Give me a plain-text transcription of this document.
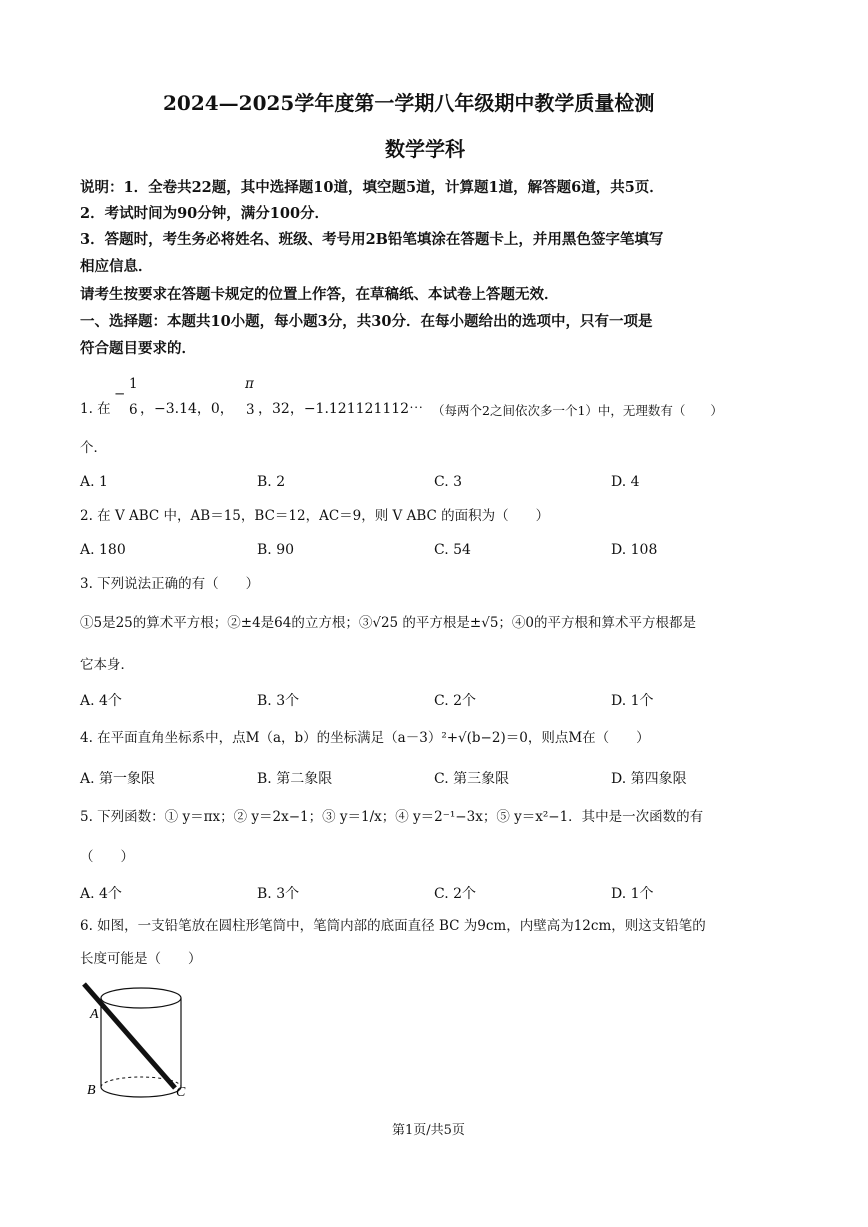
2024—2025学年度第一学期八年级期中教学质量检测
数学学科
说明：1．全卷共22题，其中选择题10道，填空题5道，计算题1道，解答题6道，共5页．
2．考试时间为90分钟，满分100分．
3．答题时，考生务必将姓名、班级、考号用2B铅笔填涂在答题卡上，并用黑色签字笔填写
相应信息．
请考生按要求在答题卡规定的位置上作答，在草稿纸、本试卷上答题无效．
一、选择题：本题共10小题，每小题3分，共30分．在每小题给出的选项中，只有一项是
符合题目要求的．
1. 在
−
1
6 ，−3.14，0，
π
3 ，32，−1.121121112⋯ （每两个2之间依次多一个1）中，无理数有（　　）
个．
A. 1	B. 2	C. 3	D. 4
2. 在 V ABC 中，AB＝15，BC＝12，AC＝9，则 V ABC 的面积为（　　）
A. 180	B. 90	C. 54	D. 108
3. 下列说法正确的有（　　）
①5是25的算术平方根；②±4是64的立方根；③√25 的平方根是±√5；④0的平方根和算术平方根都是
它本身．
A. 4个	B. 3个	C. 2个	D. 1个
4. 在平面直角坐标系中，点M（a，b）的坐标满足（a－3）²+√(b−2)＝0，则点M在（　　）
A. 第一象限	B. 第二象限	C. 第三象限	D. 第四象限
5. 下列函数：① y＝πx；② y＝2x−1；③ y＝1/x；④ y＝2⁻¹−3x；⑤ y＝x²−1．其中是一次函数的有
（　　）
A. 4个	B. 3个	C. 2个	D. 1个
6. 如图，一支铅笔放在圆柱形笔筒中，笔筒内部的底面直径 BC 为9cm，内壁高为12cm，则这支铅笔的
长度可能是（　　）
A
B	C
第1页/共5页
